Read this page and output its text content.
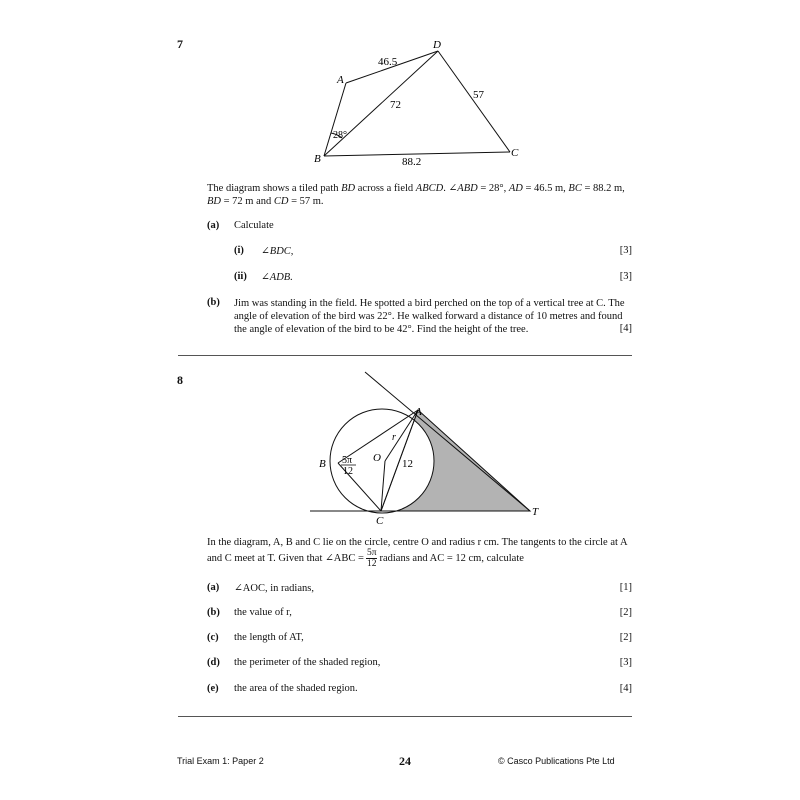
7
A
B	C
D
46.5
72
57
88.2
28°
The diagram shows a tiled path BD across a field ABCD. ∠ABD = 28°, AD = 46.5 m, BC = 88.2 m,
BD = 72 m and CD = 57 m.
(a) Calculate
(i) ∠BDC,	[3]
(ii) ∠ADB.	[3]
(b) Jim was standing in the field. He spotted a bird perched on the top of a vertical tree at C. The
angle of elevation of the bird was 22°. He walked forward a distance of 10 metres and found
the angle of elevation of the bird to be 42°. Find the height of the tree.	[4]
8
A
B
C
O
T
r
12
5π
12
In the diagram, A, B and C lie on the circle, centre O and radius r cm. The tangents to the circle at A
and C meet at T. Given that ∠ABC = $\frac{5\pi}{12}$ radians and AC = 12 cm, calculate
(a) ∠AOC, in radians,	[1]
(b) the value of r,	[2]
(c) the length of AT,	[2]
(d) the perimeter of the shaded region,	[3]
(e) the area of the shaded region.	[4]
Trial Exam 1: Paper 2	24	© Casco Publications Pte Ltd
